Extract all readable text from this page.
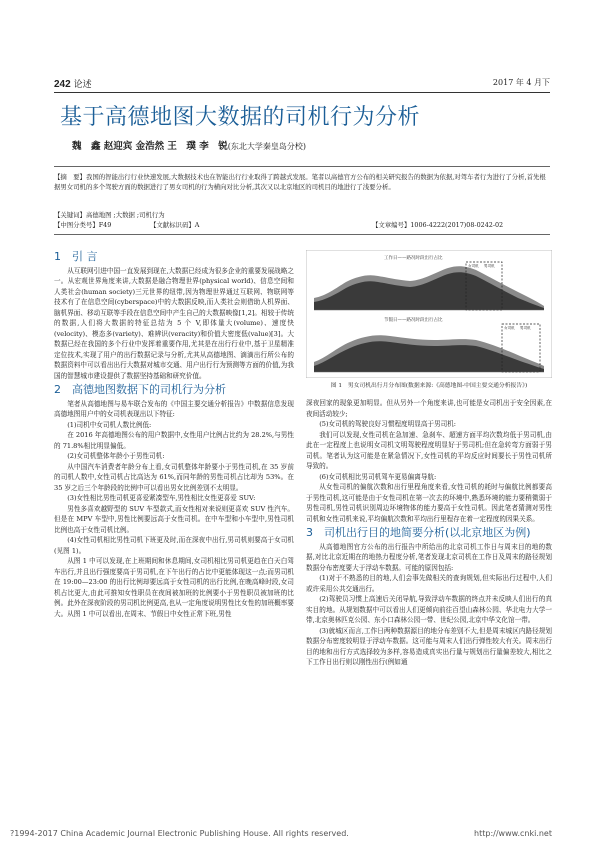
242 论述	2017 年 4 月下
基于高德地图大数据的司机行为分析
魏　鑫 赵迎宾 金浩然 王　璞 李　锐(东北大学秦皇岛分校)
【摘　要】我国的智能出行行业快速发展,大数据技术也在智能出行行业取得了跨越式发展。笔者以高德官方公布的相关研究报告的数据为依据,对驾车者行为进行了分析,首先根据男女司机的多个驾驶方面的数据进行了男女司机的行为横向对比分析,其次又以北京地区的司机目的地进行了浅要分析。
【关键词】高德地图 ;大数据 ;司机行为
【中图分类号】F49	【文献标识码】A	【文章编号】1006-4222(2017)08-0242-02
1　引 言

从互联网引进中国一直发展到现在,大数据已经成为很多企业的重要发展战略之一。从宏观世界角度来讲,大数据是融合物理世界(physical world)、信息空间和人类社会(human society)三元世界的纽带,因为物理世界通过互联网、物联网等技术有了在信息空间(cyberspace)中的大数据反映,而人类社会则借助人机界面、脑机界面、移动互联等手段在信息空间中产生自己的大数据映像[1,2]。相较于传统的数据,人们将大数据的特征总结为 5 个 V,即体量大(volume)、速度快(velocity)、模态多(variety)、难辨识(veracity)和价值大密度低(value)[3]。大数据已经在我国的多个行业中发挥着重要作用,尤其是在出行行业中,基于卫星精准定位技术,实现了用户的出行数据记录与分析,尤其从高德地图、滴滴出行所公布的数据资料中可以看出出行大数据对城市交通、用户出行行为预测等方面的价值,为我国的智慧城市建设提供了数据坚持基础和研究价值。

2　高德地图数据下的司机行为分析

笔者从高德地图与易车联合发布的《中国主要交通分析报告》中数据信息发现高德地图用户中的女司机表现出以下特征:

(1)司机中女司机人数比例低:

在 2016 年高德地图公布的用户数据中,女性用户比例占比约为 28.2%,与男性的 71.8%相比明显偏低。

(2)女司机整体年龄小于男性司机:

从中国汽车消费者年龄分布上看,女司机整体年龄要小于男性司机,在 35 岁前的司机人数中,女性司机占比高达为 61%,而同年龄的男性司机占比却为 53%。在 35 岁之后三个年龄段的比例中可以看出男女比例差别不太明显。

(3)女性相比男性司机更喜爱紧凑型车,男性相比女性更喜爱 SUV:

男性多喜欢越野型的 SUV 车型款式,而女性相对来说则更喜欢 SUV 性汽车。但是在 MPV 车型中,男性比例要远高于女性司机。在中车型和小车型中,男性司机比例也高于女性司机比例。

(4)女性司机相比男性司机下班更及时,而在深夜中出行,男司机则要高于女司机(见图 1)。

从图 1 中可以发现,在上班期间和休息期间,女司机相比男司机更趋在白天白驾车出行,并且出行强度要高于男司机,在下午出行的占比中更能体现这一点;而男司机在 19:00—23:00 的出行比例却要远高于女性司机的出行比例,在晚高峰时段,女司机占比更大,由此可推知女性职员在夜间被加班的比例要小于男性职员被加班的比例。此外在深夜阶段的男司机比例更高,也从一定角度说明男性比女性的加班概率要大。从图 1 中可以看出,在周末、节假日中女性正常下班,男性

工作日——路况时段出行占比
女司机 男司机
节假日——路况时段出行占比
女司机 男司机
图 1　男女司机出行月分布图(数据来源:《高德地图-中国主要交通分析报告》)

深夜回家的现象更加明显。但从另外一个角度来讲,也可能是女司机出于安全因素,在夜间活动较少;

(5)女司机的驾驶良好习惯程度明显高于男司机:

我们可以发现,女性司机在急加速、急刹车、超速方面平均次数均低于男司机,由此在一定程度上也说明女司机文明驾驶程度明显好于男司机;但在急转弯方面弱于男司机。笔者认为这可能是在紧急情况下,女性司机的平均反应时间要长于男性司机所导致的。

(6)女司机相比男司机驾车更易偏离导航:

从女性司机的偏航次数和出行里程角度来看,女性司机的耗时与偏航比例都要高于男性司机,这可能是由于女性司机在第一次去的环境中,熟悉环境的能力要稍微弱于男性司机,男性司机识别周边环境物体的能力要高于女性司机。因此笔者猜测对男性司机和女性司机来说,平均偏航次数和平均出行里程存在着一定程度的因果关系。

3　司机出行目的地简要分析(以北京地区为例)

从高德地图官方公布的出行报告中所给出的北京司机工作日与周末目的地的数据,对比北京近期在的地热力程度分析,笔者发现北京司机在工作日及周末的路径规划数据分布密度要大于浮动车数据。可能的原因包括:

(1)对于不熟悉的目的地,人们会事先做相关的查询规划,但实际出行过程中,人们或许采用公共交通出行。

(2)驾驶员习惯上高速后关闭导航,导致浮动车数据的终点并未反映人们出行的真实目的地。从规划数据中可以看出人们更倾向前往百望山森林公园、华北电力大学一带,北京奥林匹克公园、东小口森林公园一带、世纪公园,北京中华文化馆一带。

(3)就城区而言,工作日两种数据源目的地分布差别不大,但是周末城区内路径规划数据分布密度较明显于浮动车数据。这可能与周末人们出行弹性较大有关。周末出行目的地和出行方式选择较为多样,容易造成真实出行量与规划出行量偏差较大,相比之下工作日出行则以刚性出行(例如通

?1994-2017 China Academic Journal Electronic Publishing House. All rights reserved.	http://www.cnki.net
